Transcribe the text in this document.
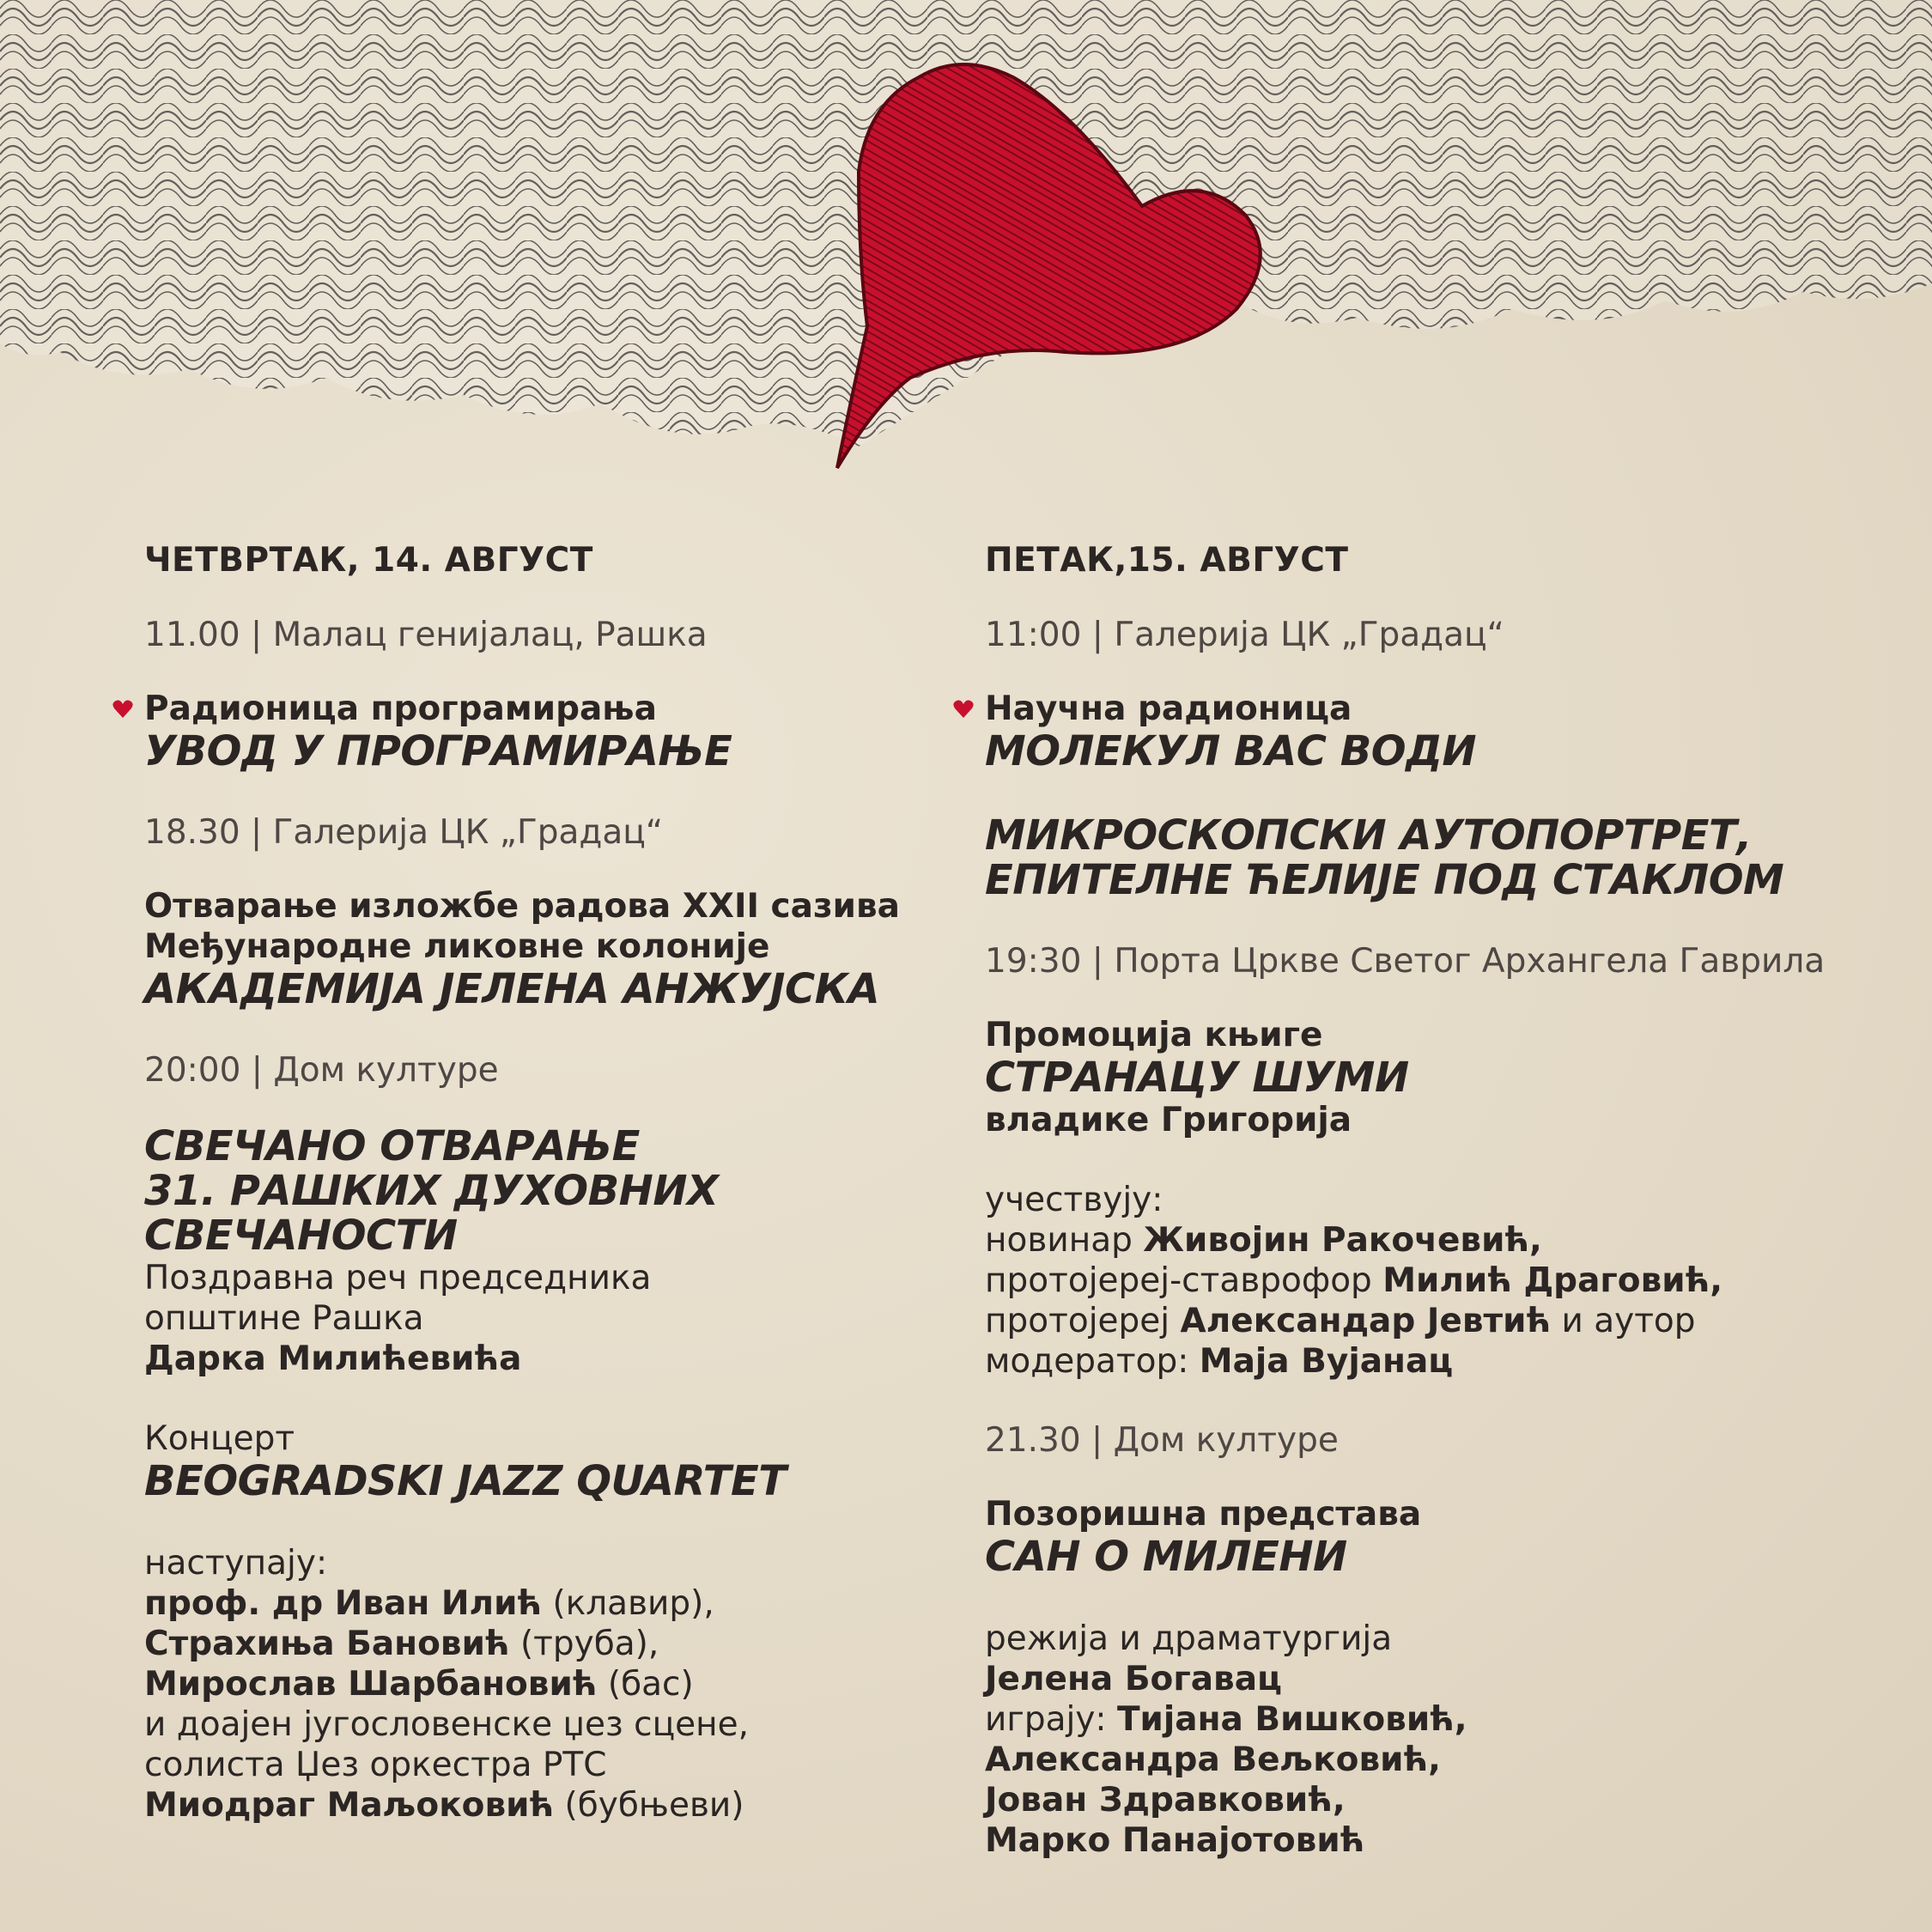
ЧЕТВРТАК, 14. АВГУСТ
11.00 | Малац генијалац, Рашка
Радионица програмирања
УВОД У ПРОГРАМИРАЊЕ
18.30 | Галерија ЦК „Градац“
Отварање изложбе радова XXII сазива
Међународне ликовне колоније
АКАДЕМИЈА ЈЕЛЕНА АНЖУЈСКА
20:00 | Дом културе
СВЕЧАНО ОТВАРАЊЕ
31. РАШКИХ ДУХОВНИХ СВЕЧАНОСТИ
Поздравна реч председника
општине Рашка
Дарка Милићевића
Концерт
BEOGRADSKI JAZZ QUARTET
наступају:
проф. др Иван Илић (клавир),
Страхиња Бановић (труба),
Мирослав Шарбановић (бас)
и доајен југословенске џез сцене,
солиста Џез оркестра РТС
Миодраг Маљоковић (бубњеви)
ПЕТАК,15. АВГУСТ
11:00 | Галерија ЦК „Градац“
Научна радионица
МОЛЕКУЛ ВАС ВОДИ
МИКРОСКОПСКИ АУТОПОРТРЕТ,
ЕПИТЕЛНЕ ЋЕЛИЈЕ ПОД СТАКЛОМ
19:30 | Порта Цркве Светог Архангела Гаврила
Промоција књиге
СТРАНАЦУ ШУМИ
владике Григорија
учествују:
новинар Живојин Ракочевић,
протојереј-ставрофор Милић Драговић,
протојереј Александар Јевтић и аутор
модератор: Маја Вујанац
21.30 | Дом културе
Позоришна представа
САН О МИЛЕНИ
режија и драматургија
Јелена Богавац
играју: Тијана Вишковић,
Александра Вељковић,
Јован Здравковић,
Марко Панајотовић
